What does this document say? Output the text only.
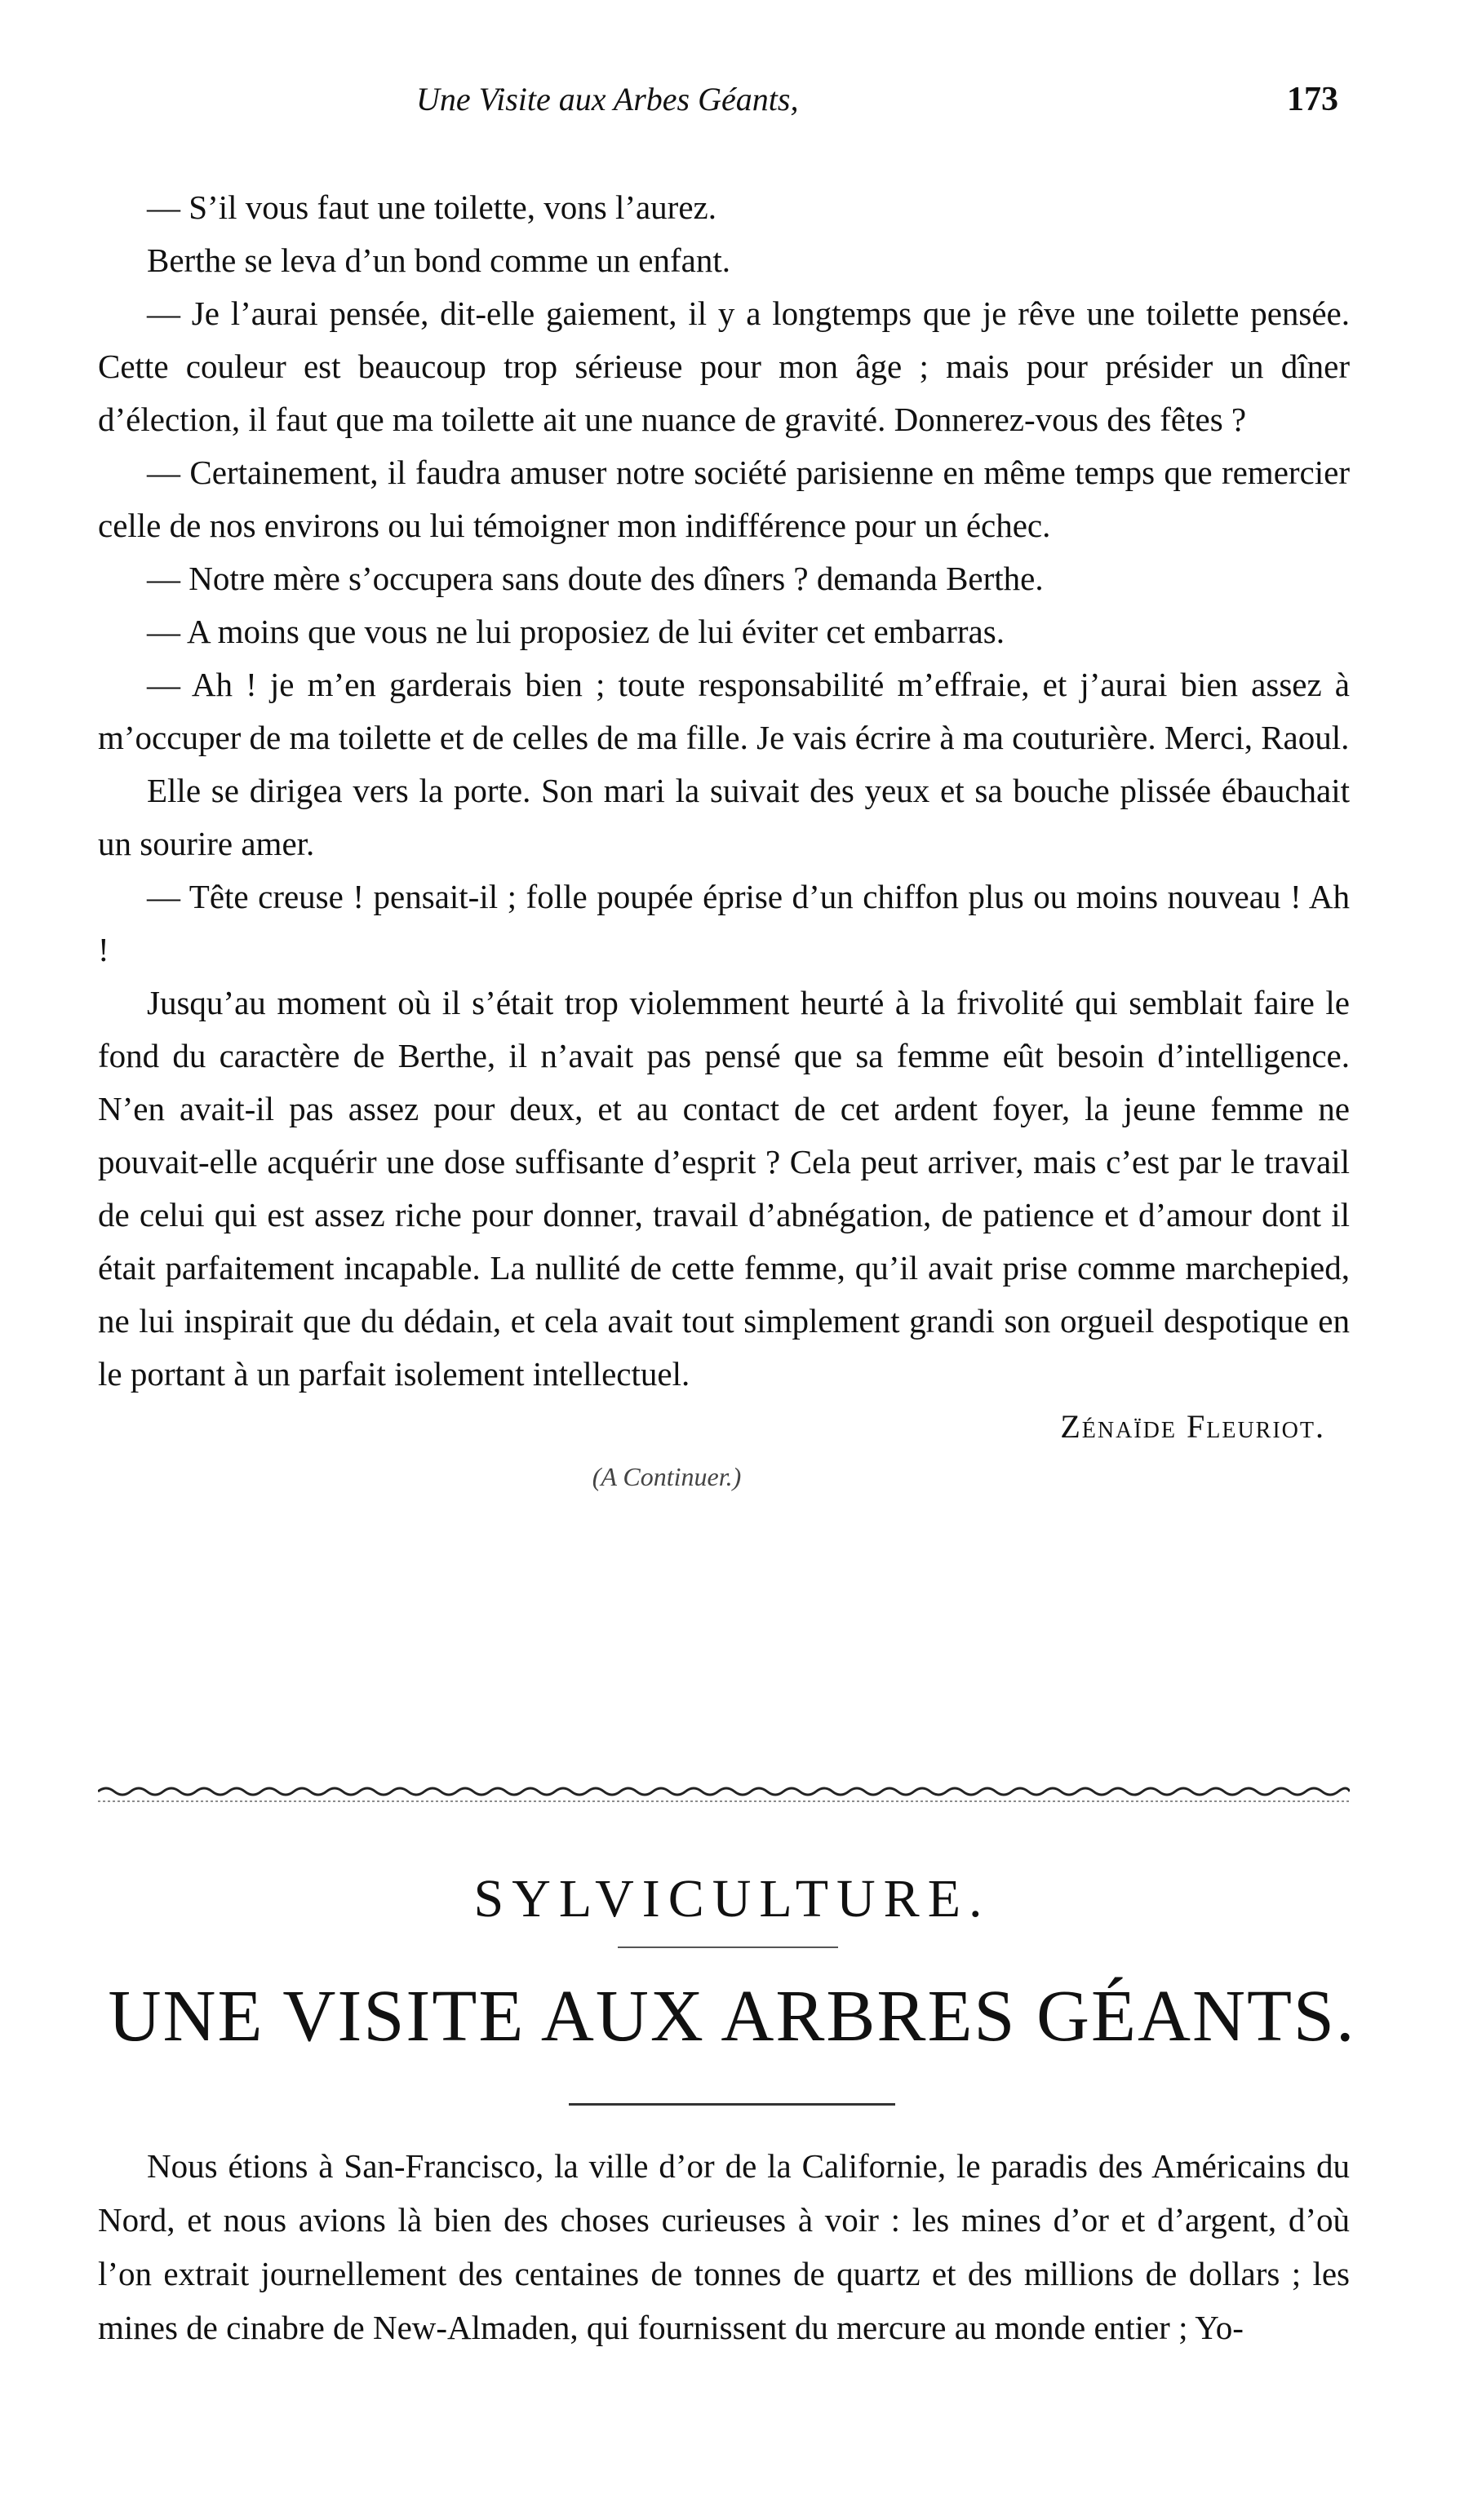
Une Visite aux Arbes Géants,	173

— S’il vous faut une toilette, vons l’aurez.

Berthe se leva d’un bond comme un enfant.

— Je l’aurai pensée, dit-elle gaiement, il y a longtemps que je rêve une toilette pensée. Cette couleur est beaucoup trop sérieuse pour mon âge ; mais pour présider un dîner d’élection, il faut que ma toilette ait une nuance de gravité. Donnerez-vous des fêtes ?

— Certainement, il faudra amuser notre société parisienne en même temps que remercier celle de nos environs ou lui témoigner mon indifférence pour un échec.

— Notre mère s’occupera sans doute des dîners ? demanda Berthe.

— A moins que vous ne lui proposiez de lui éviter cet embarras.

— Ah ! je m’en garderais bien ; toute responsabilité m’effraie, et j’aurai bien assez à m’occuper de ma toilette et de celles de ma fille. Je vais écrire à ma couturière. Merci, Raoul.

Elle se dirigea vers la porte. Son mari la suivait des yeux et sa bouche plissée ébauchait un sourire amer.

— Tête creuse ! pensait-il ; folle poupée éprise d’un chiffon plus ou moins nouveau ! Ah !

Jusqu’au moment où il s’était trop violemment heurté à la frivolité qui semblait faire le fond du caractère de Berthe, il n’avait pas pensé que sa femme eût besoin d’intelligence. N’en avait-il pas assez pour deux, et au contact de cet ardent foyer, la jeune femme ne pouvait-elle acquérir une dose suffisante d’esprit ? Cela peut arriver, mais c’est par le travail de celui qui est assez riche pour donner, travail d’abnégation, de patience et d’amour dont il était parfaitement incapable. La nullité de cette femme, qu’il avait prise comme marchepied, ne lui inspirait que du dédain, et cela avait tout simplement grandi son orgueil despotique en le portant à un parfait isolement intellectuel.

Zénaïde Fleuriot.
(A Continuer.)
SYLVICULTURE.
UNE VISITE AUX ARBRES GÉANTS.

Nous étions à San-Francisco, la ville d’or de la Californie, le paradis des Américains du Nord, et nous avions là bien des choses curieuses à voir : les mines d’or et d’argent, d’où l’on extrait journellement des centaines de tonnes de quartz et des millions de dollars ; les mines de cinabre de New-Almaden, qui fournissent du mercure au monde entier ; Yo-
